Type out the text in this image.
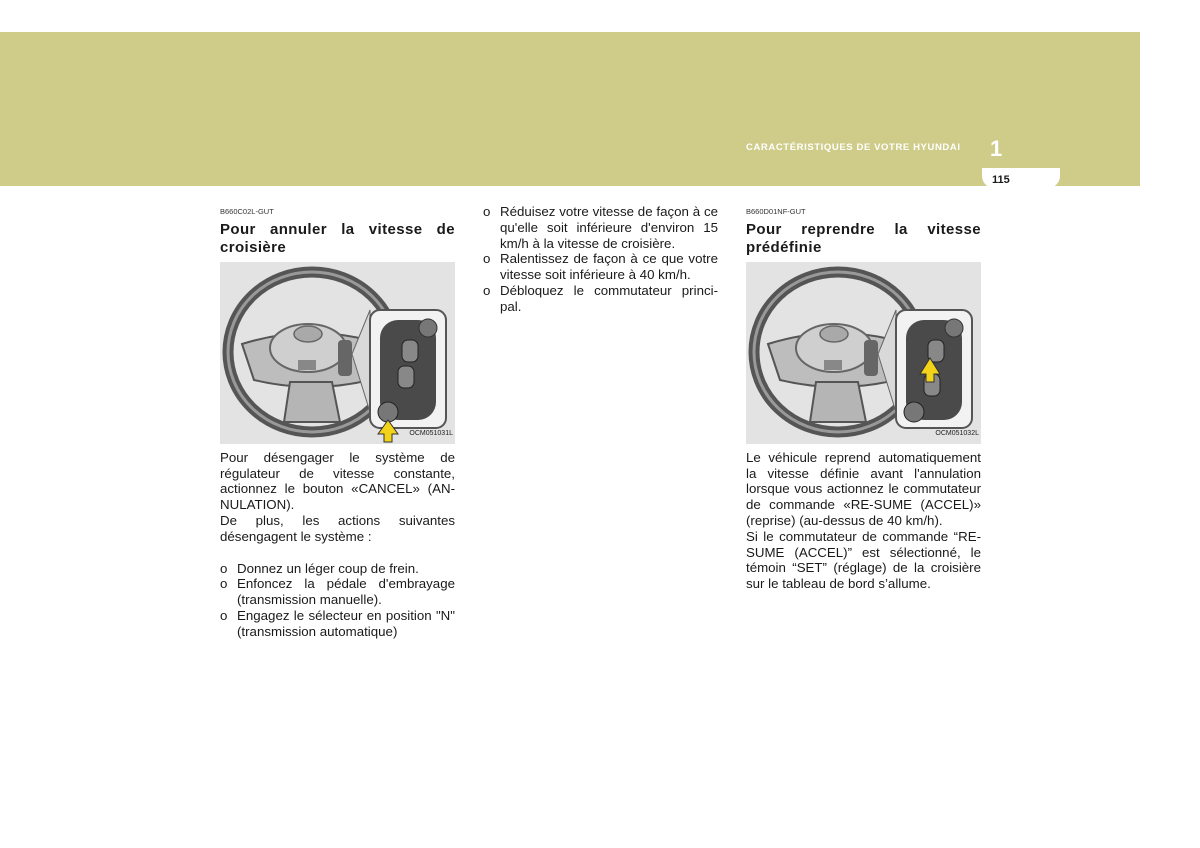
CARACTÉRISTIQUES DE VOTRE HYUNDAI 1
115
B660C02L-GUT
Pour annuler la vitesse de croisière
OCM051031L

Pour désengager le système de régulateur de vitesse constante, actionnez le bouton «CANCEL» (AN-NULATION).

De plus, les actions suivantes désengagent le système :

o Donnez un léger coup de frein.
o Enfoncez la pédale d'embrayage (transmission manuelle).
o Engagez le sélecteur en position "N" (transmission automatique)
o Réduisez votre vitesse de façon à ce qu'elle soit inférieure d'environ 15 km/h à la vitesse de croisière.
o Ralentissez de façon à ce que votre vitesse soit inférieure à 40 km/h.
o Débloquez le commutateur princi-pal.
B660D01NF-GUT
Pour reprendre la vitesse prédéfinie
OCM051032L

Le véhicule reprend automatiquement la vitesse définie avant l'annulation lorsque vous actionnez le commutateur de commande «RE-SUME (ACCEL)» (reprise) (au-dessus de 40 km/h).

Si le commutateur de commande “RE-SUME (ACCEL)” est sélectionné, le témoin “SET” (réglage) de la croisière sur le tableau de bord s’allume.
